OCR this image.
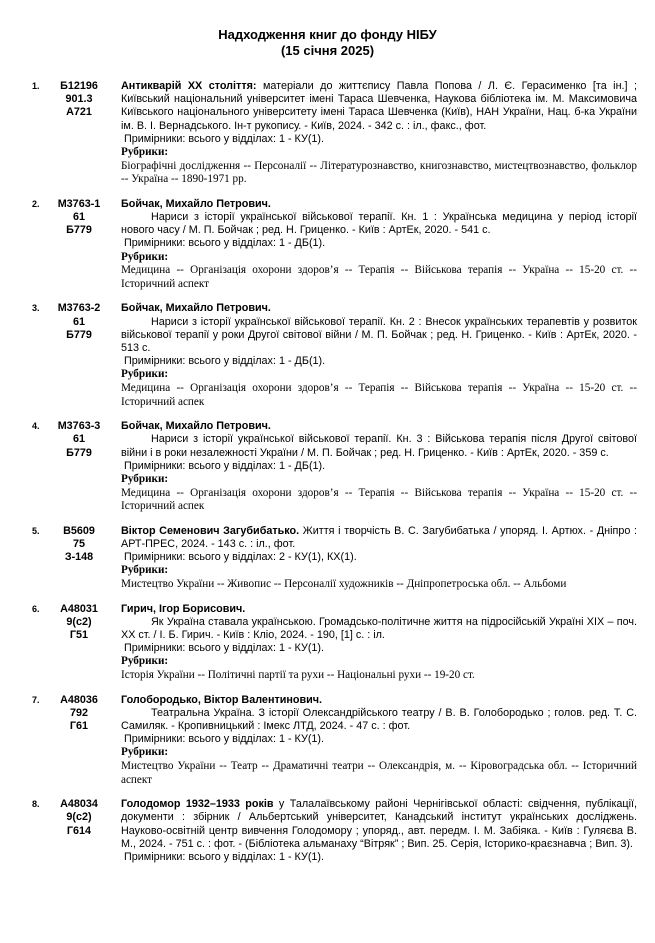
Надходження книг до фонду НІБУ
(15 січня 2025)
1.	Б12196
901.3
А721

Антикварій ХХ століття: матеріали до життєпису Павла Попова / Л. Є. Герасименко [та ін.] ; Київський національний університет імені Тараса Шевченка, Наукова бібліотека ім. М. Максимовича Київського національного університету імені Тараса Шевченка (Київ), НАН України, Нац. б-ка України ім. В. І. Вернадського. Ін-т рукопису. - Київ, 2024. - 342 с. : іл., факс., фот.

Примірники: всього у відділах: 1 - КУ(1).
Рубрики:

Біографічні дослідження -- Персоналії -- Літературознавство, книгознавство, мистецтвознавство, фольклор -- Україна -- 1890-1971 рр.

2.	М3763-1
61
Б779
Бойчак, Михайло Петрович.

Нариси з історії української військової терапії. Кн. 1 : Українська медицина у період історії нового часу / М. П. Бойчак ; ред. Н. Гриценко. - Київ : АртЕк, 2020. - 541 с.

Примірники: всього у відділах: 1 - ДБ(1).
Рубрики:

Медицина -- Організація охорони здоров’я -- Терапія -- Військова терапія -- Україна -- 15-20 ст. -- Історичний аспект

3.	М3763-2
61
Б779
Бойчак, Михайло Петрович.

Нариси з історії української військової терапії. Кн. 2 : Внесок українських терапевтів у розвиток військової терапії у роки Другої світової війни / М. П. Бойчак ; ред. Н. Гриценко. - Київ : АртЕк, 2020. - 513 с.

Примірники: всього у відділах: 1 - ДБ(1).
Рубрики:

Медицина -- Організація охорони здоров’я -- Терапія -- Військова терапія -- Україна -- 15-20 ст. -- Історичний аспек

4.	М3763-3
61
Б779
Бойчак, Михайло Петрович.

Нариси з історії української військової терапії. Кн. 3 : Військова терапія після Другої світової війни і в роки незалежності України / М. П. Бойчак ; ред. Н. Гриценко. - Київ : АртЕк, 2020. - 359 с.

Примірники: всього у відділах: 1 - ДБ(1).
Рубрики:

Медицина -- Організація охорони здоров’я -- Терапія -- Військова терапія -- Україна -- 15-20 ст. -- Історичний аспек

5.	В5609
75
З-148

Віктор Семенович Загубибатько. Життя і творчість В. С. Загубибатька / упоряд. І. Артюх. - Дніпро : АРТ-ПРЕС, 2024. - 143 с. : іл., фот.

Примірники: всього у відділах: 2 - КУ(1), КХ(1).
Рубрики:

Мистецтво України -- Живопис -- Персоналії художників -- Дніпропетроська обл. -- Альбоми

6.	А48031
9(с2)
Г51
Гирич, Ігор Борисович.

Як Україна ставала українською. Громадсько-політичне життя на підросійській Україні XIX – поч. XX ст. / І. Б. Гирич. - Київ : Кліо, 2024. - 190, [1] с. : іл.

Примірники: всього у відділах: 1 - КУ(1).
Рубрики:

Історія України -- Політичні партії та рухи -- Національні рухи -- 19-20 ст.

7.	А48036
792
Г61
Голобородько, Віктор Валентинович.

Театральна Україна. З історії Олександрійського театру / В. В. Голобородько ; голов. ред. Т. С. Самиляк. - Кропивницький : Імекс ЛТД, 2024. - 47 с. : фот.

Примірники: всього у відділах: 1 - КУ(1).
Рубрики:

Мистецтво України -- Театр -- Драматичні театри -- Олександрія, м. -- Кіровоградська обл. -- Історичний аспект

8.	А48034
9(с2)
Г614

Голодомор 1932–1933 років у Талалаївському районі Чернігівської області: свідчення, публікації, документи : збірник / Альбертський університет, Канадський інститут українських досліджень. Науково-освітній центр вивчення Голодомору ; упоряд., авт. передм. І. М. Забіяка. - Київ : Гуляєва В. М., 2024. - 751 с. : фот. - (Бібліотека альманаху “Вітряк” ; Вип. 25. Серія, Історико-краєзнавча ; Вип. 3).

Примірники: всього у відділах: 1 - КУ(1).
